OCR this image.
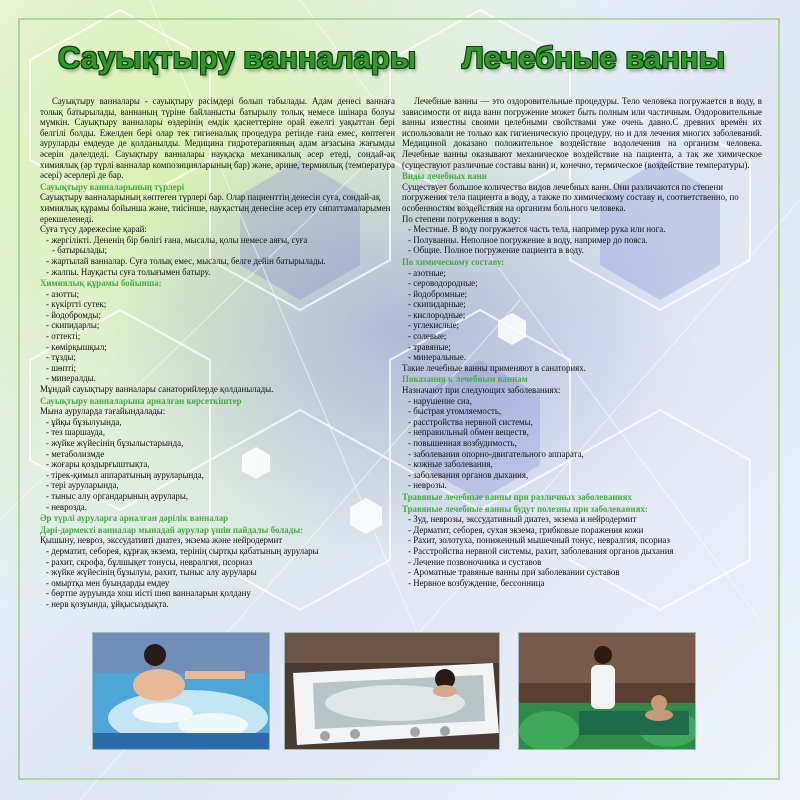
Сауықтыру ванналары Лечебные ванны

Сауықтыру ванналары - сауықтыру рәсімдері болып табылады. Адам денесі ваннаға толық батырылады, ваннаның түріне байланысты батырылу толық немесе ішінара болуы мүмкін. Сауықтыру ванналары өздерінің емдік қасиеттеріне орай ежелгі уақыттан бері белгілі болды. Ежелден бері олар тек гигиеналық процедура ретінде ғана емес, көптеген ауруларды емдеуде де қолданылды. Медицина гидротерапияның адам ағзасына жағымды әсерін дәлелдеді. Сауықтыру ванналары науқасқа механикалық әсер етеді, сондай-ақ химиялық (әр түрлі ванналар композицияларының бар) және, әрине, термиялық (температура әсері) әсерлері де бар.

Сауықтыру ванналарының түрлері
Сауықтыру ванналарының көптеген түрлері бар. Олар пациенттің денесін суға, сондай-ақ химиялық құрамы бойынша және, тиісінше, науқастың денесіне әсер ету сипаттамаларымен ерекшеленеді.
Суға түсу дәрежесіне қарай:
- жергілікті. Дененің бір бөлігі ғана, мысалы, қолы немесе аяғы, суға
- батырылады;
- жартылай ванналар. Суға толық емес, мысалы, белге дейін батырылады.
- жалпы. Науқасты суға толығымен батыру.
Химиялық құрамы бойынша:
- азотты;
- күкіртті сутек;
- йодобромды;
- скипидарлы;
- оттекті;
- көмірқышқыл;
- тұзды;
- шөпті;
- минералды.
Мұндай сауықтыру ванналары санаторийлерде қолданылады.
Сауықтыру ванналарына арналған көрсеткіштер
Мына ауруларда тағайындалады:
- ұйқы бұзылуында,
- тез шаршауда,
- жүйке жүйесінің бұзылыстарында,
- метаболизмде
- жоғары қоздырғыштықта,
- тірек-қимыл аппаратының ауруларында,
- тері ауруларында,
- тыныс алу органдарының аурулары,
- неврозда.
Әр түрлі ауруларға арналған дәрілік ванналар
Дәрі-дәрмекті ванналар мынадай аурулар үшін пайдалы болады:
Қышыну, невроз, экссудативті диатез, экзема және нейродермит
- дерматит, себорея, құрғақ экзема, терінің сыртқы қабатының аурулары
- рахит, скрофа, бұлшықет тонусы, невралгия, псориаз
- жүйке жүйесінің бұзылуы, рахит, тыныс алу аурулары
- омыртқа мен буындарды емдеу
- бөртпе ауруында хош иісті шөп ванналарын қолдану
- нерв қозуында, ұйқысыздықта.

Лечебные ванны — это оздоровительные процедуры. Тело человека погружается в воду, в зависимости от вида ванн погружение может быть полным или частичным. Оздоровительные ванны известны своими целебными свойствами уже очень давно.С древних времён их использовали не только как гигиеническую процедуру, но и для лечения многих заболеваний. Медициной доказано положительное воздействие водолечения на организм человека. Лечебные ванны оказывают механическое воздействие на пациента, а так же химическое (существуют различные составы ванн) и, конечно, термическое (воздействие температуры).

Виды лечебных ванн
Существует большое количество видов лечебных ванн. Они различаются по степени погружения тела пациента в воду, а также по химическому составу и, соответственно, по особенностям воздействия на организм больного человека.
По степени погружения в воду:
- Местные. В воду погружается часть тела, например рука или нога.
- Полуванны. Неполное погружение в воду, например до пояса.
- Общие. Полное погружение пациента в воду.
По химическому составу:
- азотные;
- сероводородные;
- йодобромные;
- скипидарные;
- кислородные;
- углекислые;
- солевые;
- травяные;
- минеральные.
Такие лечебные ванны применяют в санаториях.
Показания к лечебным ваннам
Назначают при следующих заболеваниях:
- нарушение сна,
- быстрая утомляемость,
- расстройства нервной системы,
- неправильный обмен веществ,
- повышенная возбудимость,
- заболевания опорно-двигательного аппарата,
- кожные заболевания,
- заболевания органов дыхания,
- неврозы.
Травяные лечебные ванны при различных заболеваниях
Травяные лечебные ванны будут полезны при заболеваниях:
- Зуд, неврозы, экссудативный диатез, экзема и нейродермит
- Дерматит, себорея, сухая экзема, грибковые поражения кожи
- Рахит, золотуха, пониженный мышечный тонус, невралгия, псориаз
- Расстройства нервной системы, рахит, заболевания органов дыхания
- Лечение позвоночника и суставов
- Ароматные травяные ванны при заболевании суставов
- Нервное возбуждение, бессонница
